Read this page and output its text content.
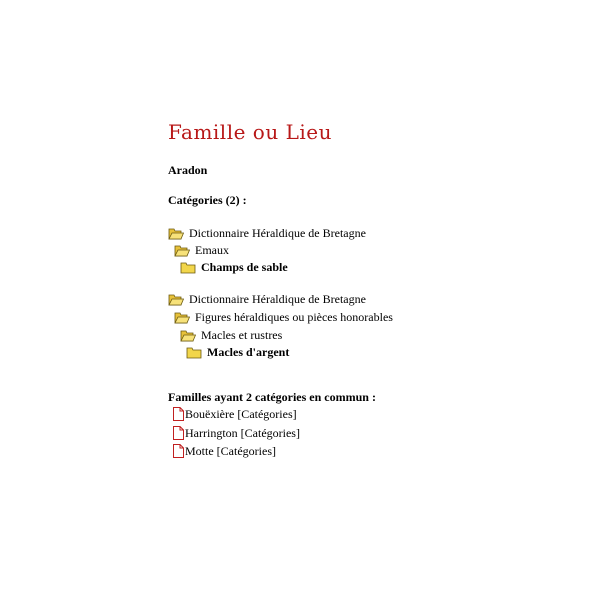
Famille ou Lieu
Aradon
Catégories (2) :
Dictionnaire Héraldique de Bretagne
Emaux
Champs de sable
Dictionnaire Héraldique de Bretagne
Figures héraldiques ou pièces honorables
Macles et rustres
Macles d'argent
Familles ayant 2 catégories en commun :
Bouëxière [Catégories]
Harrington [Catégories]
Motte [Catégories]
